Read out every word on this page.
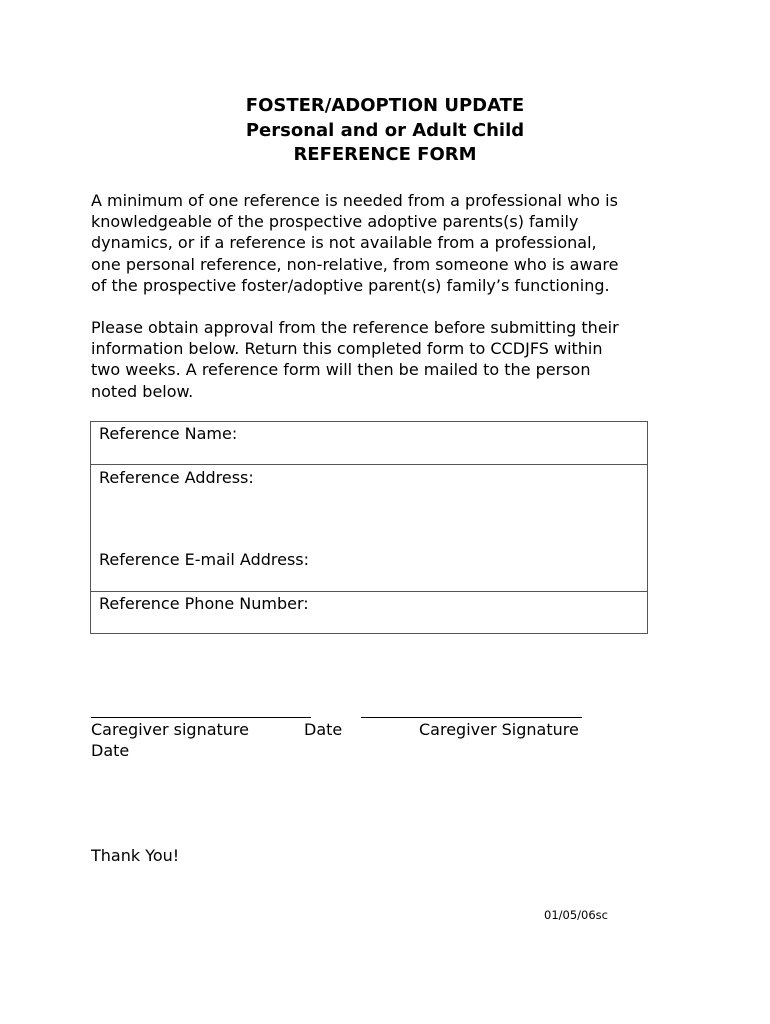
FOSTER/ADOPTION UPDATE
Personal and or Adult Child
REFERENCE FORM

A minimum of one reference is needed from a professional who is
knowledgeable of the prospective adoptive parents(s) family
dynamics, or if a reference is not available from a professional,
one personal reference, non-relative, from someone who is aware
of the prospective foster/adoptive parent(s) family’s functioning.

Please obtain approval from the reference before submitting their
information below. Return this completed form to CCDJFS within
two weeks. A reference form will then be mailed to the person
noted below.

Reference Name:
Reference Address:
Reference E-mail Address:
Reference Phone Number:
Caregiver signature	Date	Caregiver Signature
Date
Thank You!
01/05/06sc
